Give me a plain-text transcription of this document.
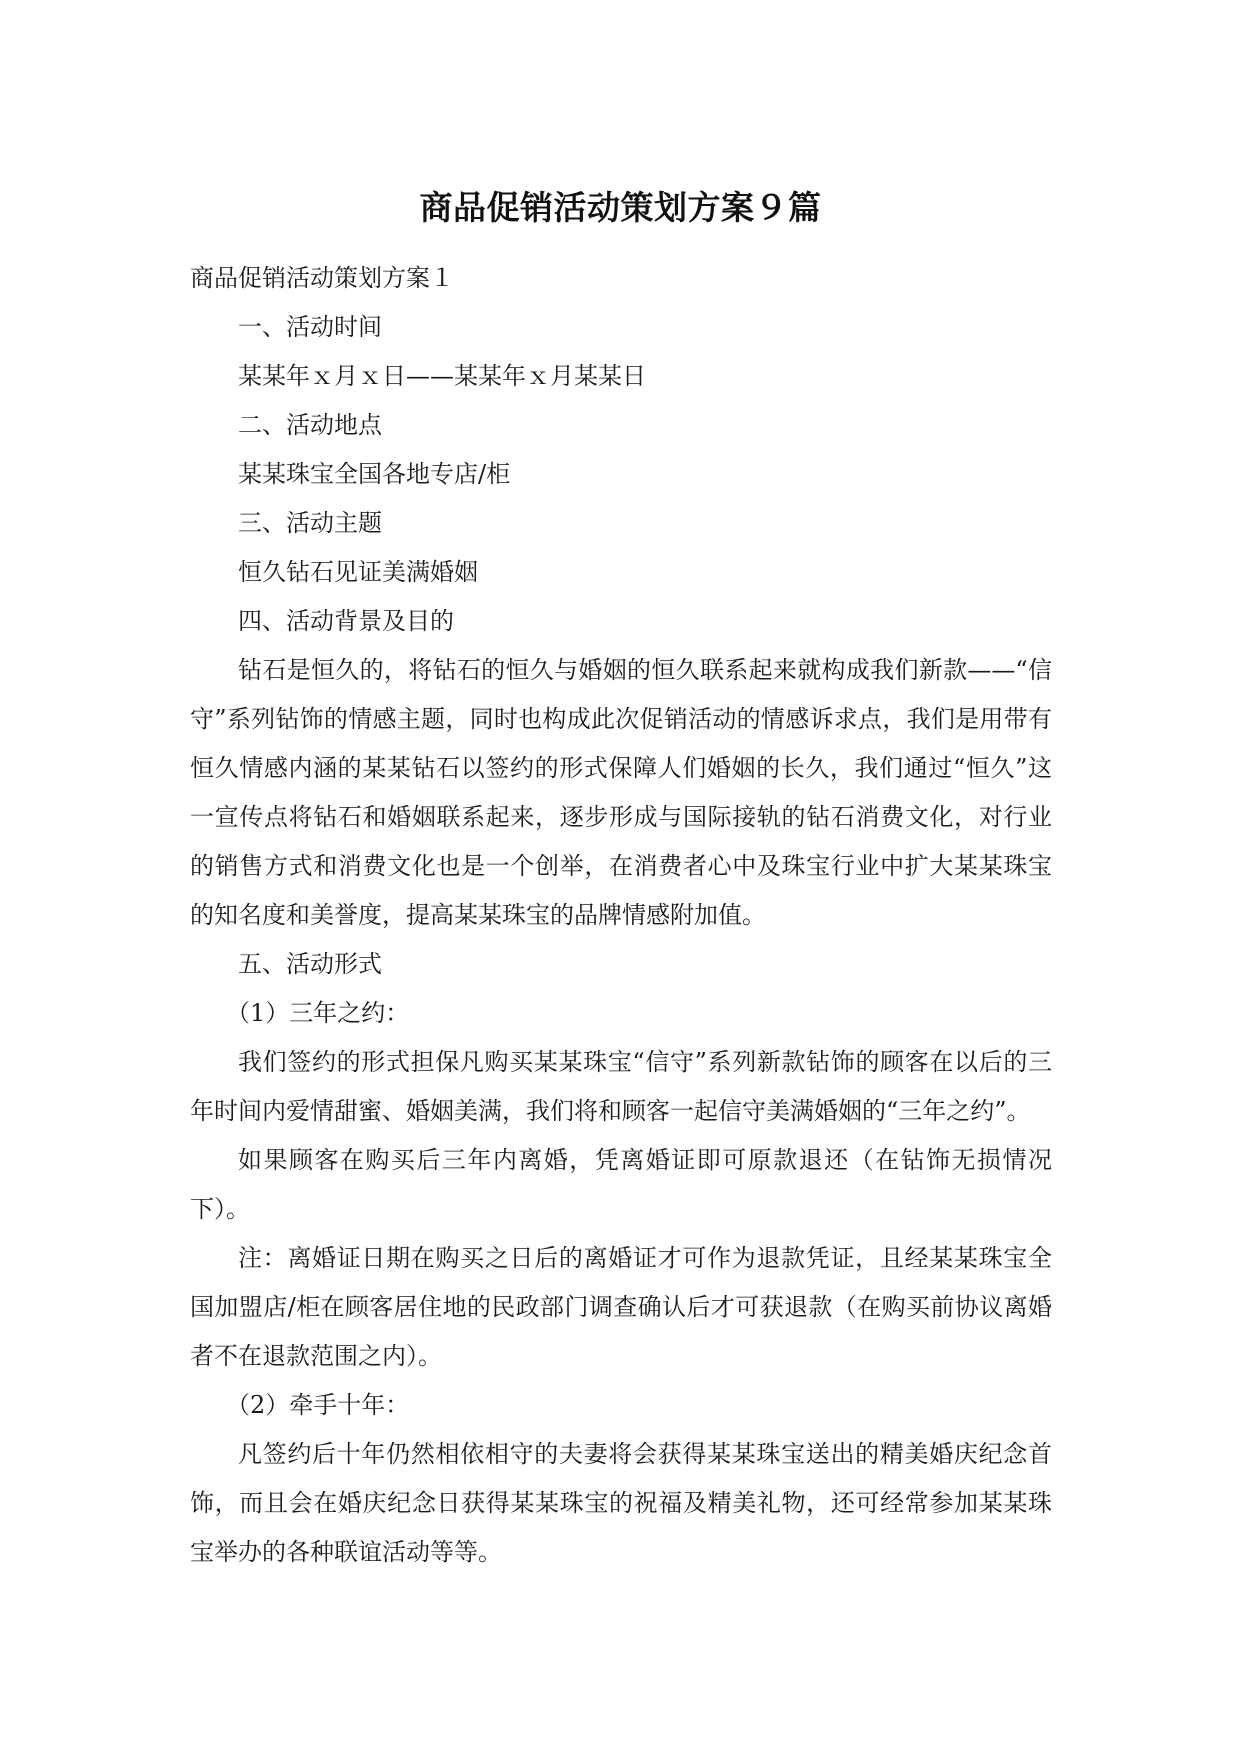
商品促销活动策划方案９篇

商品促销活动策划方案１

一、活动时间

某某年ｘ月ｘ日——某某年ｘ月某某日

二、活动地点

某某珠宝全国各地专店/柜

三、活动主题

恒久钻石见证美满婚姻

四、活动背景及目的

钻石是恒久的，将钻石的恒久与婚姻的恒久联系起来就构成我们新款——“信守”系列钻饰的情感主题，同时也构成此次促销活动的情感诉求点，我们是用带有恒久情感内涵的某某钻石以签约的形式保障人们婚姻的长久，我们通过“恒久”这一宣传点将钻石和婚姻联系起来，逐步形成与国际接轨的钻石消费文化，对行业的销售方式和消费文化也是一个创举，在消费者心中及珠宝行业中扩大某某珠宝的知名度和美誉度，提高某某珠宝的品牌情感附加值。

五、活动形式

（1）三年之约：

我们签约的形式担保凡购买某某珠宝“信守”系列新款钻饰的顾客在以后的三年时间内爱情甜蜜、婚姻美满，我们将和顾客一起信守美满婚姻的“三年之约”。

如果顾客在购买后三年内离婚，凭离婚证即可原款退还（在钻饰无损情况下）。

注：离婚证日期在购买之日后的离婚证才可作为退款凭证，且经某某珠宝全国加盟店/柜在顾客居住地的民政部门调查确认后才可获退款（在购买前协议离婚者不在退款范围之内）。

（2）牵手十年：

凡签约后十年仍然相依相守的夫妻将会获得某某珠宝送出的精美婚庆纪念首饰，而且会在婚庆纪念日获得某某珠宝的祝福及精美礼物，还可经常参加某某珠宝举办的各种联谊活动等等。
